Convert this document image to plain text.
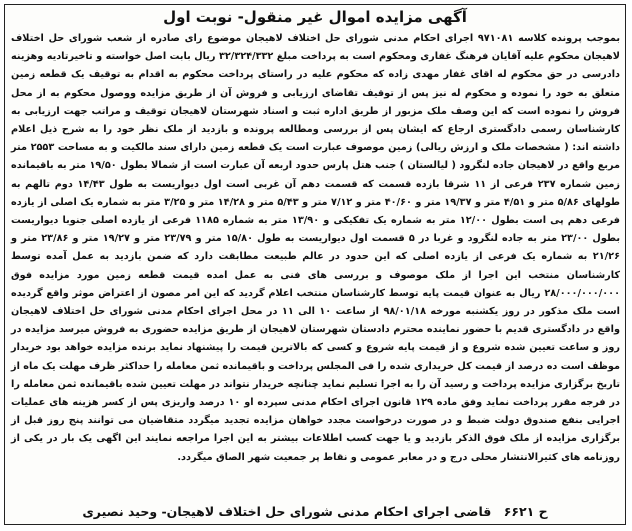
آگهی مزایده اموال غیر منقول- نوبت اول

بموجب پرونده کلاسه ۹۷۱۰۸۱ اجرای احکام مدنی شورای حل اختلاف لاهیجان موضوع رای صادره از شعب شورای حل اختلاف لاهیجان محکوم علیه آقایان فرهنگ غفاری ومحکوم است به پرداخت مبلغ ۳۲/۳۲۴/۳۳۲ ریال بابت اصل خواسته و تاخیرتادیه وهزینه دادرسی در حق محکوم له اقای غفار مهدی زاده که محکوم علیه در راستای پرداخت محکوم به اقدام به توقیف یک قطعه زمین متعلق به خود را نموده و محکوم له نیز پس از توقیف تقاضای ارزیابی و فروش آن از طریق مزایده ووصول محکوم به از محل فروش را نموده است که این وصف ملک مزبور از طریق اداره ثبت و اسناد شهرستان لاهیجان توقیف و مراتب جهت ارزیابی به کارشناسان رسمی دادگستری ارجاع که ایشان پس از بررسی ومطالعه پرونده و بازدید از ملک نظر خود را به شرح ذیل اعلام داشته اند: ( مشخصات ملک و ارزش ریالی) زمین موصوف عبارت است یک قطعه زمین دارای سند مالکیت و به مساحت ۲۵۵۳ متر مربع واقع در لاهیجان جاده لنگرود ( لیالستان ) جنب هتل پارس حدود اربعه آن عبارت است از شمالا بطول ۱۹/۵۰ متر به باقیمانده زمین شماره ۲۳۷ فرعی از ۱۱ شرقا بازده قسمت که قسمت دهم آن غربی است اول دیواریست به طول ۱۴/۴۳ دوم تالهم به طولهای ۵/۸۶ متر و ۴/۵۱ متر و ۱۹/۳۷ متر و ۴۰/۶۰ متر و ۷/۱۲ متر و ۵/۴۳ متر و ۱۴/۲۸ متر و ۳/۲۵ متر به شماره یک اصلی از یازده فرعی دهم پی است بطول ۱۲/۰۰ متر به شماره یک تفکیکی و ۱۳/۹۰ متر به شماره ۱۱۸۵ فرعی از یازده اصلی جنوبا دیواریست بطول ۲۳/۰۰ متر به جاده لنگرود و غربا در ۵ قسمت اول دیواریست به طول ۱۵/۸۰ متر و ۲۳/۷۹ متر و ۱۹/۲۷ متر و ۲۳/۸۶ متر و ۲۱/۲۶ به شماره یک فرعی از یازده اصلی که این حدود در عالم طبیعت مطابقت دارد که ضمن بازدید به عمل آمده توسط کارشناسان منتخب این اجرا از ملک موصوف و بررسی های فنی به عمل امده قیمت قطعه زمین مورد مزایده فوق ۲۸/۰۰۰/۰۰۰/۰۰۰ ریال به عنوان قیمت پایه توسط کارشناسان منتخب اعلام گردید که این امر مصون از اعتراض موثر واقع گردیده است ملک مذکور در روز یکشنبه مورخه ۹۸/۰۱/۱۸ از ساعت ۱۰ الی ۱۱ در محل اجرای احکام مدنی شورای حل اختلاف لاهیجان واقع در دادگستری قدیم با حضور نماینده محترم دادستان شهرستان لاهیجان از طریق مزایده حضوری به فروش میرسد مزایده در روز و ساعت تعیین شده شروع و از قیمت پایه شروع و کسی که بالاترین قیمت را پیشنهاد نماید برنده مزایده خواهد بود خریدار موظف است ده درصد از قیمت کل خریداری شده را فی المجلس پرداخت و باقیمانده ثمن معامله را حداکثر ظرف مهلت یک ماه از تاریخ برگزاری مزایده پرداخت و رسید آن را به اجرا تسلیم نماید چنانچه خریدار نتواند در مهلت تعیین شده باقیمانده ثمن معامله را در فرجه مقرر پرداخت نماید وفق ماده ۱۲۹ قانون اجرای احکام مدنی سپرده او ۱۰ درصد واریزی پس از کسر هزینه های عملیات اجرایی بنفع صندوق دولت ضبط و در صورت درخواست مجدد خواهان مزایده تجدید میگردد متقاضیان می توانند پنج روز قبل از برگزاری مزایده از ملک فوق الذکر بازدید و یا جهت کسب اطلاعات بیشتر به این اجرا مراجعه نمایند این اگهی یک بار در یکی از روزنامه های کثیرالانتشار محلی درج و در معابر عمومی و نقاط پر جمعیت شهر الصاق میگردد.

ح ۶۶۲۱ قاضی اجرای احکام مدنی شورای حل اختلاف لاهیجان- وحید نصیری
